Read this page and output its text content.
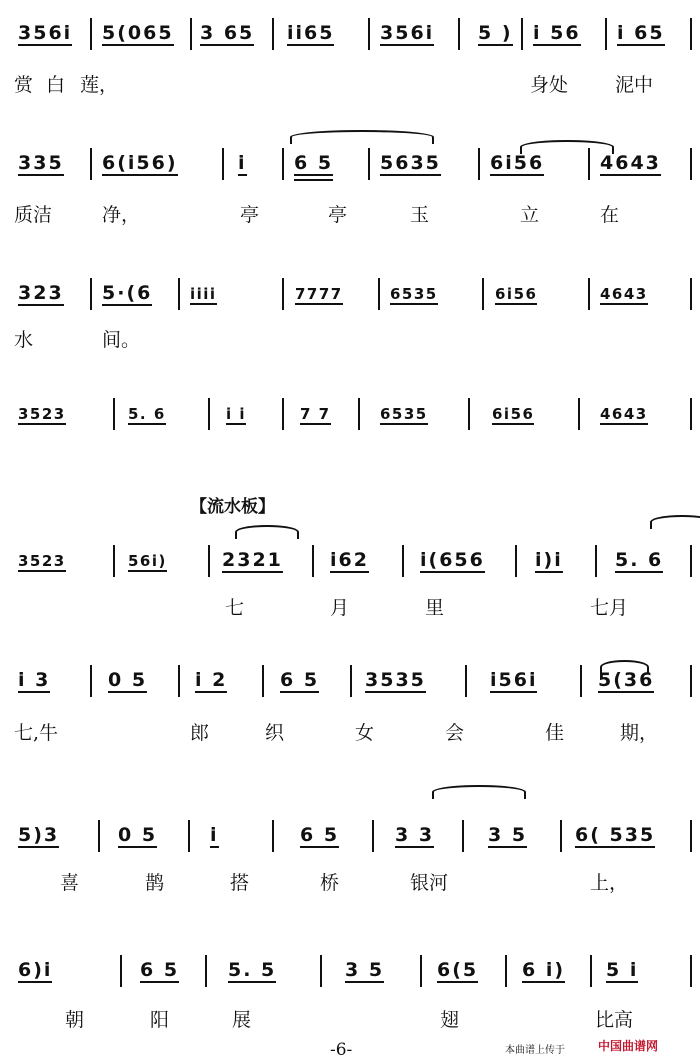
【流水板】
356i 5(065 3 65 ii65 356i 5 ) i 56 i 65
赏 白 莲，	身处 泥中
335 6(i56)	i 6 5 5635	6i56	4643
质洁	净，	亭	亭	玉	立	在
323 5·(6	iiii	7777	6535	6i56	4643
水	间。
3523	5. 6	i i	7 7	6535	6i56	4643
3523	56i)	2321 i62	i(656	i)i	5. 6
七	月	里	七月
i 3	0 5	i 2	6 5 3535	i56i	5(36
七,牛	郎	织	女	会	佳	期，
5)3	0 5	i	6 5	3 3	3 5	6( 535
喜	鹊	搭	桥	银河	上，
6)i	6 5	5. 5	3 5	6(5 6 i) 5 i
朝	阳	展	翅	比高
-6-	本曲谱上传于	中国曲谱网
